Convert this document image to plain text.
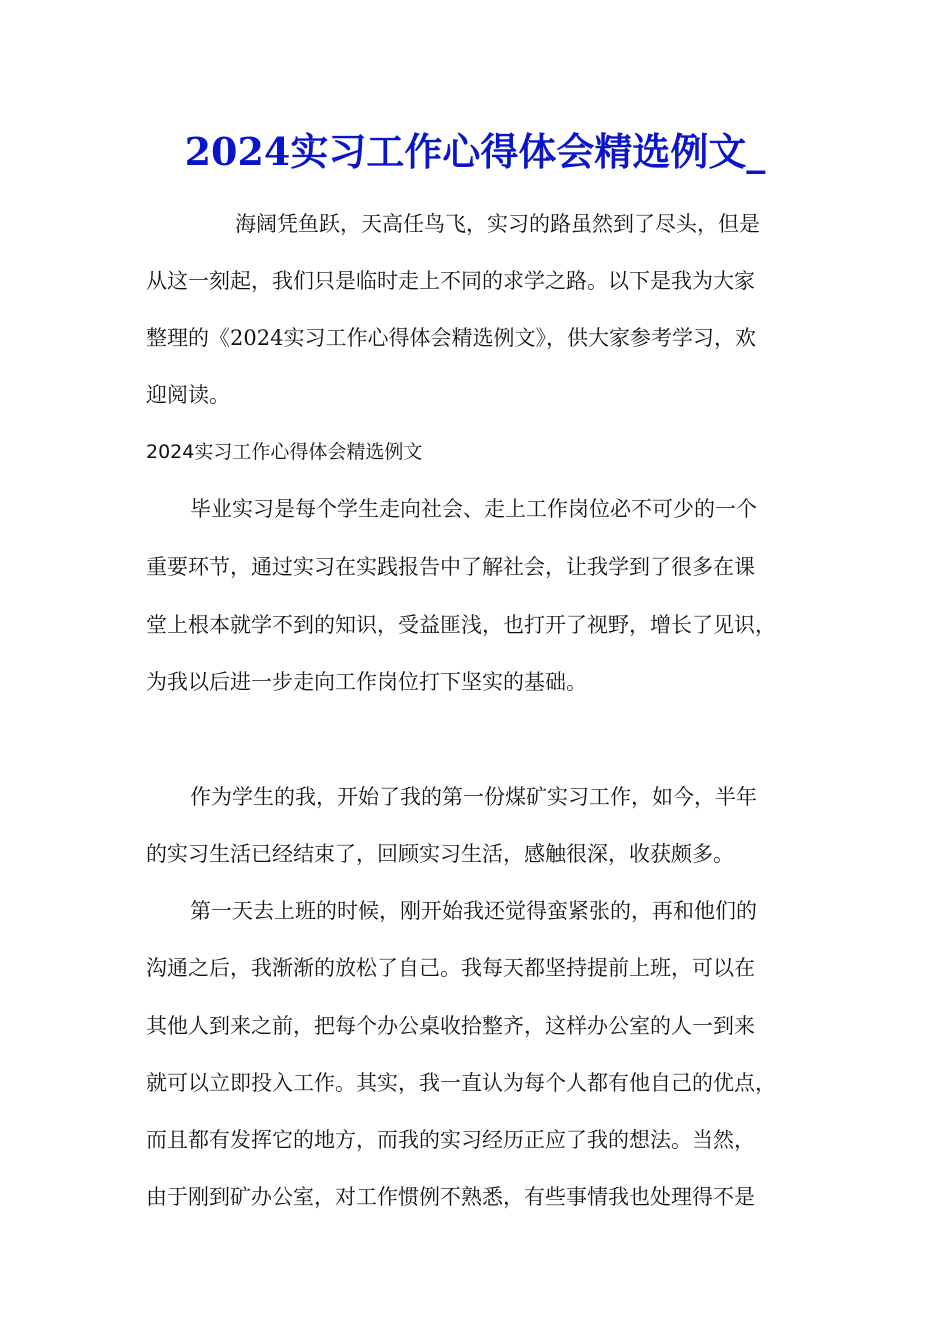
2024实习工作心得体会精选例文_
海阔凭鱼跃，天高任鸟飞，实习的路虽然到了尽头，但是
从这一刻起，我们只是临时走上不同的求学之路。以下是我为大家
整理的《2024实习工作心得体会精选例文》，供大家参考学习，欢
迎阅读。
2024实习工作心得体会精选例文
毕业实习是每个学生走向社会、走上工作岗位必不可少的一个
重要环节，通过实习在实践报告中了解社会，让我学到了很多在课
堂上根本就学不到的知识，受益匪浅，也打开了视野，增长了见识，
为我以后进一步走向工作岗位打下坚实的基础。
作为学生的我，开始了我的第一份煤矿实习工作，如今，半年
的实习生活已经结束了，回顾实习生活，感触很深，收获颇多。
第一天去上班的时候，刚开始我还觉得蛮紧张的，再和他们的
沟通之后，我渐渐的放松了自己。我每天都坚持提前上班，可以在
其他人到来之前，把每个办公桌收拾整齐，这样办公室的人一到来
就可以立即投入工作。其实，我一直认为每个人都有他自己的优点，
而且都有发挥它的地方，而我的实习经历正应了我的想法。当然，
由于刚到矿办公室，对工作惯例不熟悉，有些事情我也处理得不是
